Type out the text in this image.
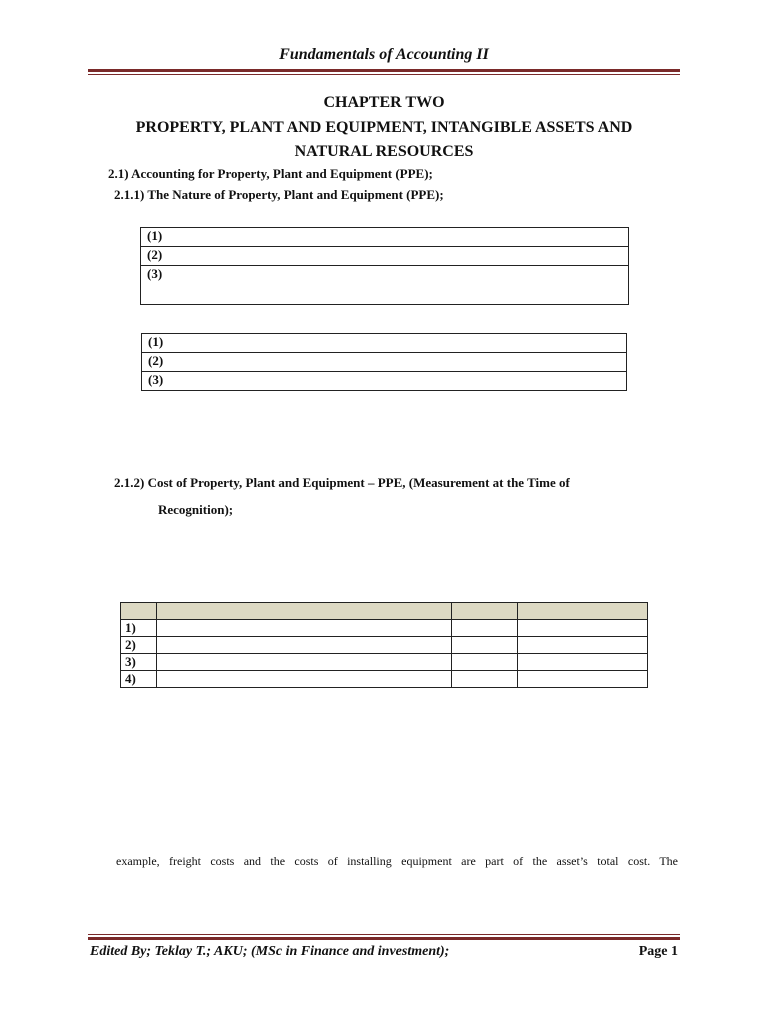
Fundamentals of Accounting II
CHAPTER TWO
PROPERTY, PLANT AND EQUIPMENT, INTANGIBLE ASSETS AND
NATURAL RESOURCES
2.1) Accounting for Property, Plant and Equipment (PPE);
2.1.1) The Nature of Property, Plant and Equipment (PPE);
(1)
(2)
(3)
(1)
(2)
(3)
2.1.2) Cost of Property, Plant and Equipment – PPE, (Measurement at the Time of
Recognition);

1)			
2)			
3)			
4)			
example, freight costs and the costs of installing equipment are part of the asset’s total cost. The
Edited By; Teklay T.; AKU; (MSc in Finance and investment);	Page 1
